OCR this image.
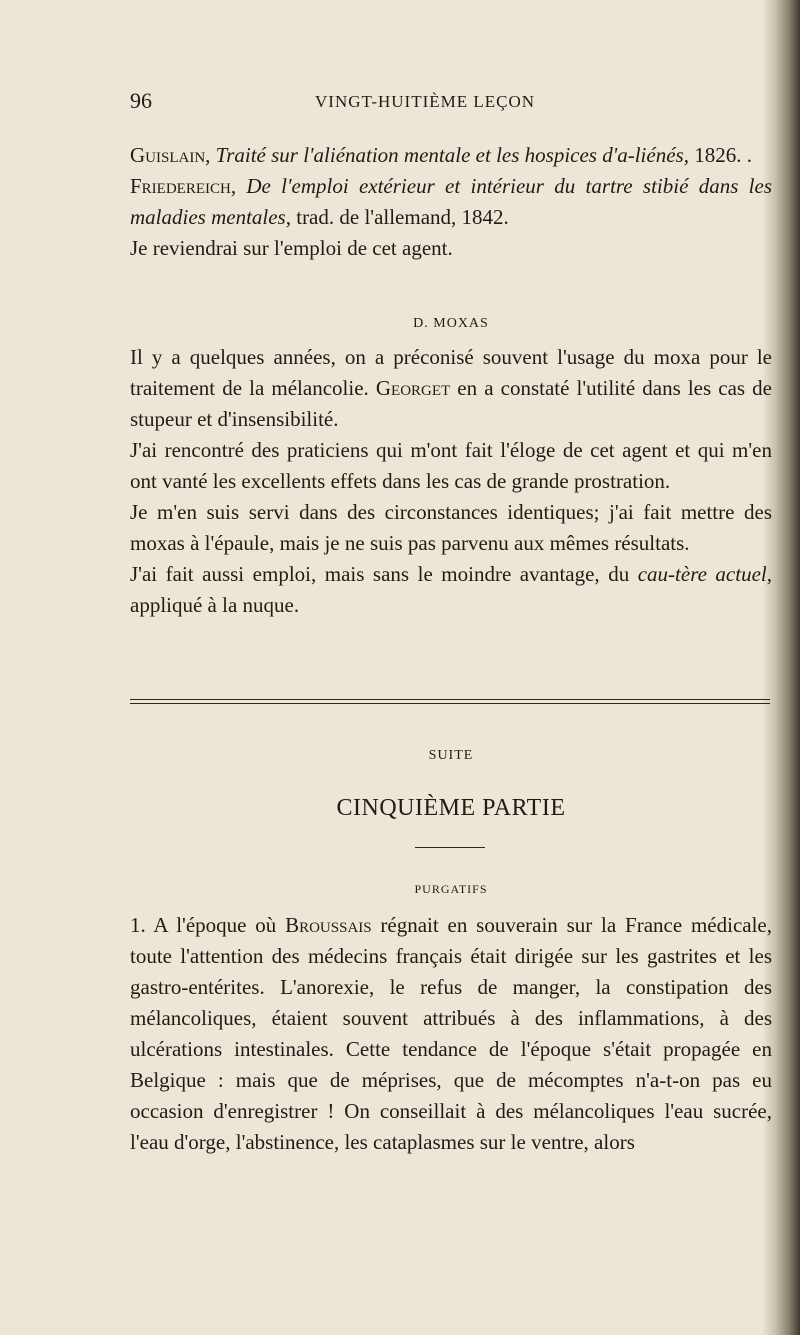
96	VINGT-HUITIÈME LEÇON

Guislain, Traité sur l'aliénation mentale et les hospices d'a-liénés, 1826. .

Friedereich, De l'emploi extérieur et intérieur du tartre stibié dans les maladies mentales, trad. de l'allemand, 1842.

Je reviendrai sur l'emploi de cet agent.

D. MOXAS

Il y a quelques années, on a préconisé souvent l'usage du moxa pour le traitement de la mélancolie. Georget en a constaté l'utilité dans les cas de stupeur et d'insensibilité.

J'ai rencontré des praticiens qui m'ont fait l'éloge de cet agent et qui m'en ont vanté les excellents effets dans les cas de grande prostration.

Je m'en suis servi dans des circonstances identiques; j'ai fait mettre des moxas à l'épaule, mais je ne suis pas parvenu aux mêmes résultats.

J'ai fait aussi emploi, mais sans le moindre avantage, du cau-tère actuel, appliqué à la nuque.

SUITE
CINQUIÈME PARTIE
PURGATIFS

1. A l'époque où Broussais régnait en souverain sur la France médicale, toute l'attention des médecins français était dirigée sur les gastrites et les gastro-entérites. L'anorexie, le refus de manger, la constipation des mélancoliques, étaient souvent attribués à des inflammations, à des ulcérations intestinales. Cette tendance de l'époque s'était propagée en Belgique : mais que de méprises, que de mécomptes n'a-t-on pas eu occasion d'enregistrer ! On conseillait à des mélancoliques l'eau sucrée, l'eau d'orge, l'abstinence, les cataplasmes sur le ventre, alors
